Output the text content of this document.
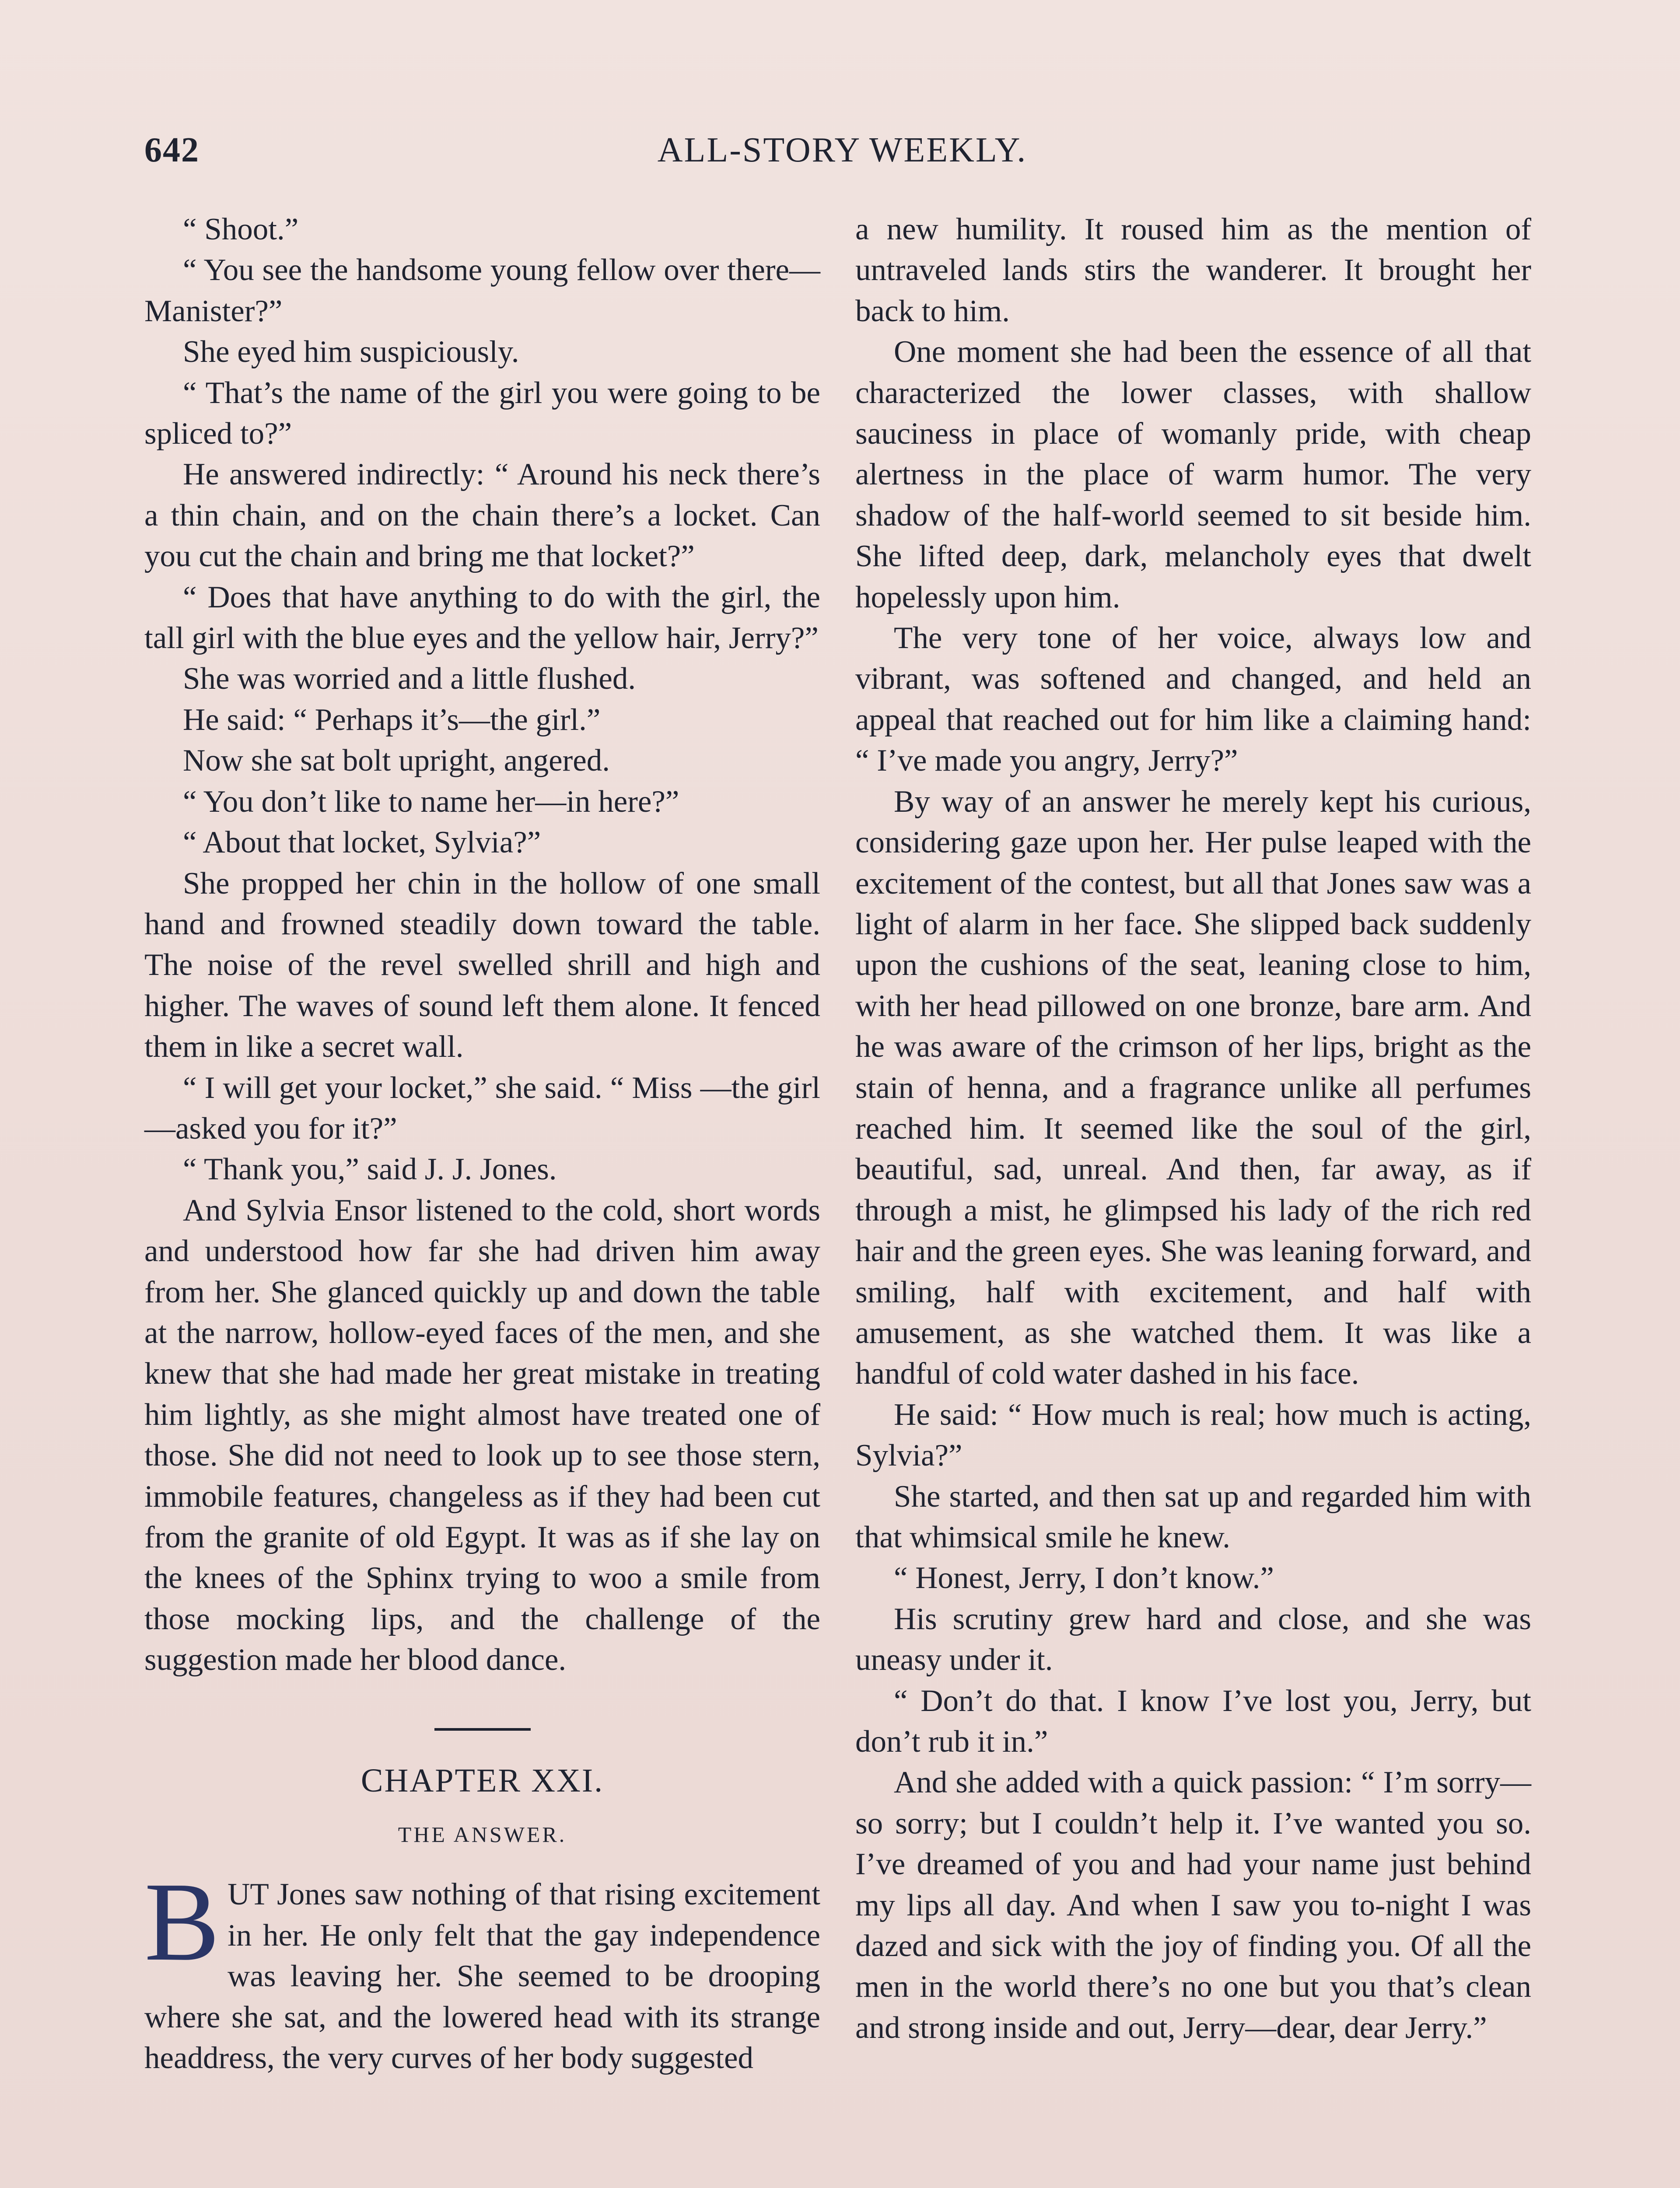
642	ALL-STORY WEEKLY.

“ Shoot.”

“ You see the handsome young fellow over there—Manister?”

She eyed him suspiciously.

“ That’s the name of the girl you were going to be spliced to?”

He answered indirectly: “ Around his neck there’s a thin chain, and on the chain there’s a locket. Can you cut the chain and bring me that locket?”

“ Does that have anything to do with the girl, the tall girl with the blue eyes and the yellow hair, Jerry?”

She was worried and a little flushed.

He said: “ Perhaps it’s—the girl.”

Now she sat bolt upright, angered.

“ You don’t like to name her—in here?”

“ About that locket, Sylvia?”

She propped her chin in the hollow of one small hand and frowned steadily down toward the table. The noise of the revel swelled shrill and high and higher. The waves of sound left them alone. It fenced them in like a secret wall.

“ I will get your locket,” she said. “ Miss —the girl—asked you for it?”

“ Thank you,” said J. J. Jones.

And Sylvia Ensor listened to the cold, short words and understood how far she had driven him away from her. She glanced quickly up and down the table at the narrow, hollow-eyed faces of the men, and she knew that she had made her great mistake in treating him lightly, as she might almost have treated one of those. She did not need to look up to see those stern, immobile features, changeless as if they had been cut from the granite of old Egypt. It was as if she lay on the knees of the Sphinx trying to woo a smile from those mocking lips, and the challenge of the suggestion made her blood dance.

CHAPTER XXI.

THE ANSWER.

BUT Jones saw nothing of that rising excitement in her. He only felt that the gay independence was leaving her. She seemed to be drooping where she sat, and the lowered head with its strange headdress, the very curves of her body suggested

a new humility. It roused him as the mention of untraveled lands stirs the wanderer. It brought her back to him.

One moment she had been the essence of all that characterized the lower classes, with shallow sauciness in place of womanly pride, with cheap alertness in the place of warm humor. The very shadow of the half-world seemed to sit beside him. She lifted deep, dark, melancholy eyes that dwelt hopelessly upon him.

The very tone of her voice, always low and vibrant, was softened and changed, and held an appeal that reached out for him like a claiming hand: “ I’ve made you angry, Jerry?”

By way of an answer he merely kept his curious, considering gaze upon her. Her pulse leaped with the excitement of the contest, but all that Jones saw was a light of alarm in her face. She slipped back suddenly upon the cushions of the seat, leaning close to him, with her head pillowed on one bronze, bare arm. And he was aware of the crimson of her lips, bright as the stain of henna, and a fragrance unlike all perfumes reached him. It seemed like the soul of the girl, beautiful, sad, unreal. And then, far away, as if through a mist, he glimpsed his lady of the rich red hair and the green eyes. She was leaning forward, and smiling, half with excitement, and half with amusement, as she watched them. It was like a handful of cold water dashed in his face.

He said: “ How much is real; how much is acting, Sylvia?”

She started, and then sat up and regarded him with that whimsical smile he knew.

“ Honest, Jerry, I don’t know.”

His scrutiny grew hard and close, and she was uneasy under it.

“ Don’t do that. I know I’ve lost you, Jerry, but don’t rub it in.”

And she added with a quick passion: “ I’m sorry—so sorry; but I couldn’t help it. I’ve wanted you so. I’ve dreamed of you and had your name just behind my lips all day. And when I saw you to-night I was dazed and sick with the joy of finding you. Of all the men in the world there’s no one but you that’s clean and strong inside and out, Jerry—dear, dear Jerry.”
